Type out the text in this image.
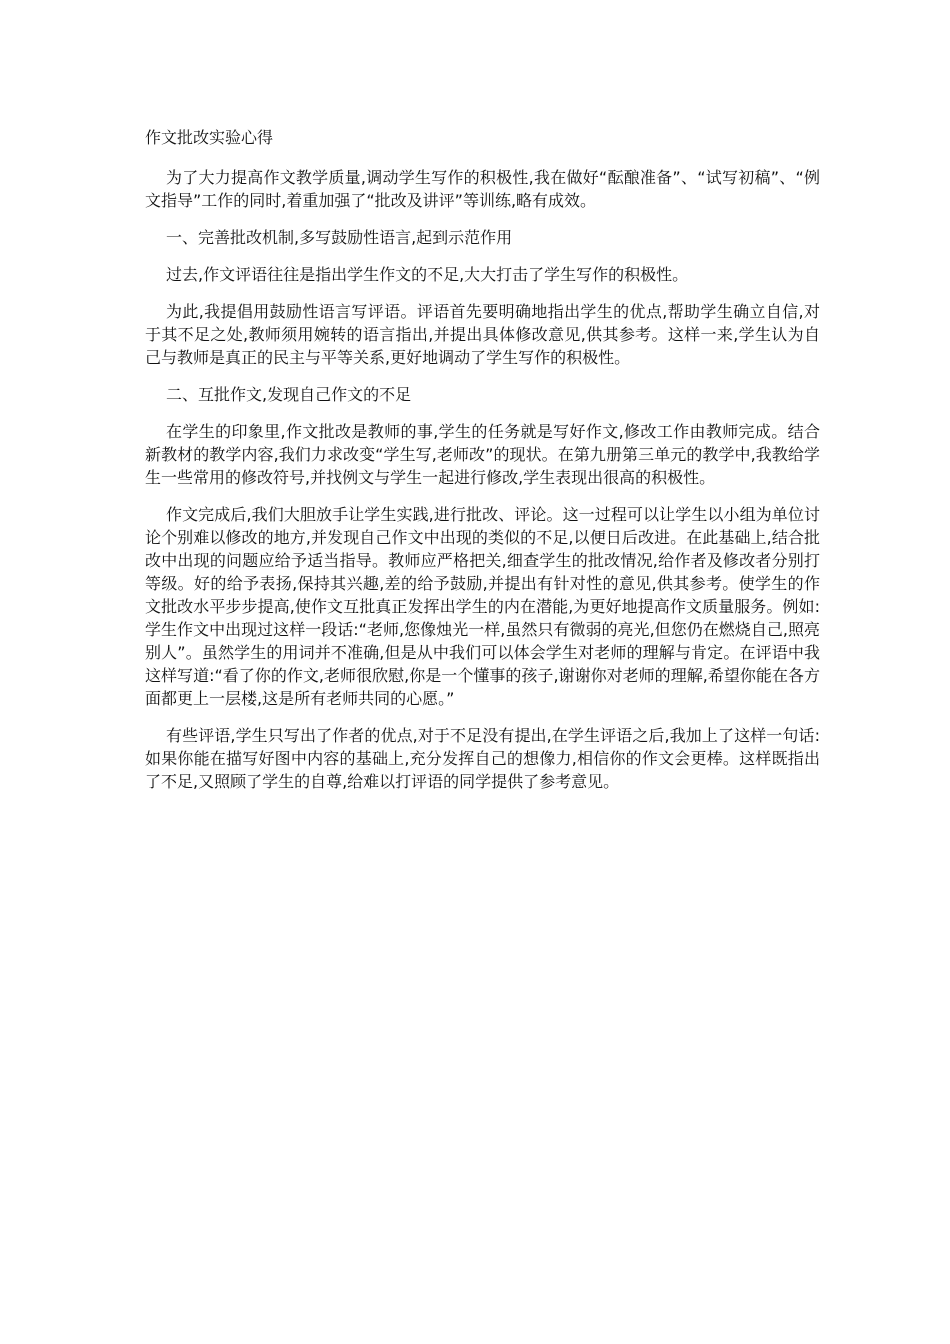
作文批改实验心得

为了大力提高作文教学质量,调动学生写作的积极性,我在做好“酝酿准备”、“试写初稿”、“例文指导”工作的同时,着重加强了“批改及讲评”等训练,略有成效。

一、完善批改机制,多写鼓励性语言,起到示范作用

过去,作文评语往往是指出学生作文的不足,大大打击了学生写作的积极性。

为此,我提倡用鼓励性语言写评语。评语首先要明确地指出学生的优点,帮助学生确立自信,对于其不足之处,教师须用婉转的语言指出,并提出具体修改意见,供其参考。这样一来,学生认为自己与教师是真正的民主与平等关系,更好地调动了学生写作的积极性。

二、互批作文,发现自己作文的不足

在学生的印象里,作文批改是教师的事,学生的任务就是写好作文,修改工作由教师完成。结合新教材的教学内容,我们力求改变“学生写,老师改”的现状。在第九册第三单元的教学中,我教给学生一些常用的修改符号,并找例文与学生一起进行修改,学生表现出很高的积极性。

作文完成后,我们大胆放手让学生实践,进行批改、评论。这一过程可以让学生以小组为单位讨论个别难以修改的地方,并发现自己作文中出现的类似的不足,以便日后改进。在此基础上,结合批改中出现的问题应给予适当指导。教师应严格把关,细查学生的批改情况,给作者及修改者分别打等级。好的给予表扬,保持其兴趣,差的给予鼓励,并提出有针对性的意见,供其参考。使学生的作文批改水平步步提高,使作文互批真正发挥出学生的内在潜能,为更好地提高作文质量服务。例如:学生作文中出现过这样一段话:“老师,您像烛光一样,虽然只有微弱的亮光,但您仍在燃烧自己,照亮别人”。虽然学生的用词并不准确,但是从中我们可以体会学生对老师的理解与肯定。在评语中我这样写道:“看了你的作文,老师很欣慰,你是一个懂事的孩子,谢谢你对老师的理解,希望你能在各方面都更上一层楼,这是所有老师共同的心愿。”

有些评语,学生只写出了作者的优点,对于不足没有提出,在学生评语之后,我加上了这样一句话:如果你能在描写好图中内容的基础上,充分发挥自己的想像力,相信你的作文会更棒。这样既指出了不足,又照顾了学生的自尊,给难以打评语的同学提供了参考意见。
